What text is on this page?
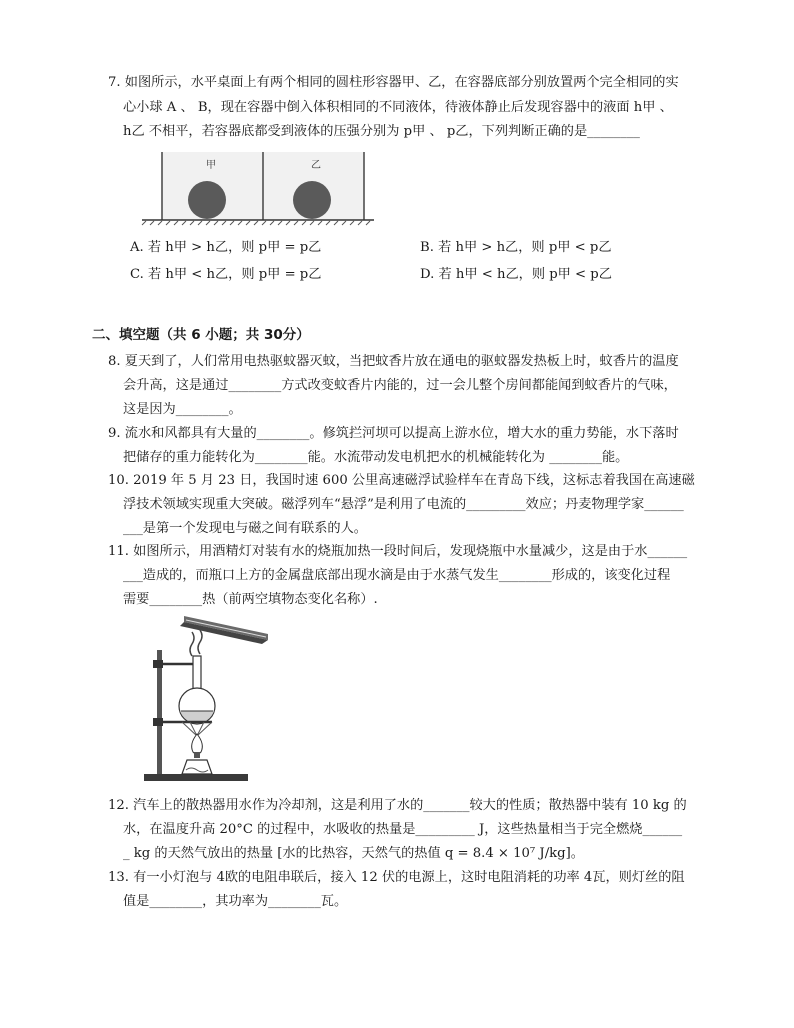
7. 如图所示，水平桌面上有两个相同的圆柱形容器甲、乙，在容器底部分别放置两个完全相同的实
心小球 A 、 B，现在容器中倒入体积相同的不同液体，待液体静止后发现容器中的液面 h甲 、
h乙 不相平，若容器底都受到液体的压强分别为 p甲 、 p乙，下列判断正确的是________
甲	乙
A. 若 h甲 > h乙，则 p甲 = p乙	B. 若 h甲 > h乙，则 p甲 < p乙
C. 若 h甲 < h乙，则 p甲 = p乙	D. 若 h甲 < h乙，则 p甲 < p乙
二、填空题（共 6 小题；共 30分）
8. 夏天到了，人们常用电热驱蚊器灭蚊，当把蚊香片放在通电的驱蚊器发热板上时，蚊香片的温度
会升高，这是通过________方式改变蚊香片内能的，过一会儿整个房间都能闻到蚊香片的气味，
这是因为________。
9. 流水和风都具有大量的________。修筑拦河坝可以提高上游水位，增大水的重力势能，水下落时
把储存的重力能转化为________能。水流带动发电机把水的机械能转化为 ________能。
10. 2019 年 5 月 23 日，我国时速 600 公里高速磁浮试验样车在青岛下线，这标志着我国在高速磁
浮技术领域实现重大突破。磁浮列车“悬浮”是利用了电流的_________效应；丹麦物理学家______
___是第一个发现电与磁之间有联系的人。
11. 如图所示，用酒精灯对装有水的烧瓶加热一段时间后，发现烧瓶中水量减少，这是由于水______
___造成的，而瓶口上方的金属盘底部出现水滴是由于水蒸气发生________形成的，该变化过程
需要________热（前两空填物态变化名称）.
12. 汽车上的散热器用水作为冷却剂，这是利用了水的_______较大的性质；散热器中装有 10 kg 的
水，在温度升高 20°C 的过程中，水吸收的热量是_________ J，这些热量相当于完全燃烧______
_ kg 的天然气放出的热量 [水的比热容，天然气的热值 q = 8.4 × 10⁷ J/kg]。
13. 有一小灯泡与 4欧的电阻串联后，接入 12 伏的电源上，这时电阻消耗的功率 4瓦，则灯丝的阻
值是________，其功率为________瓦。
